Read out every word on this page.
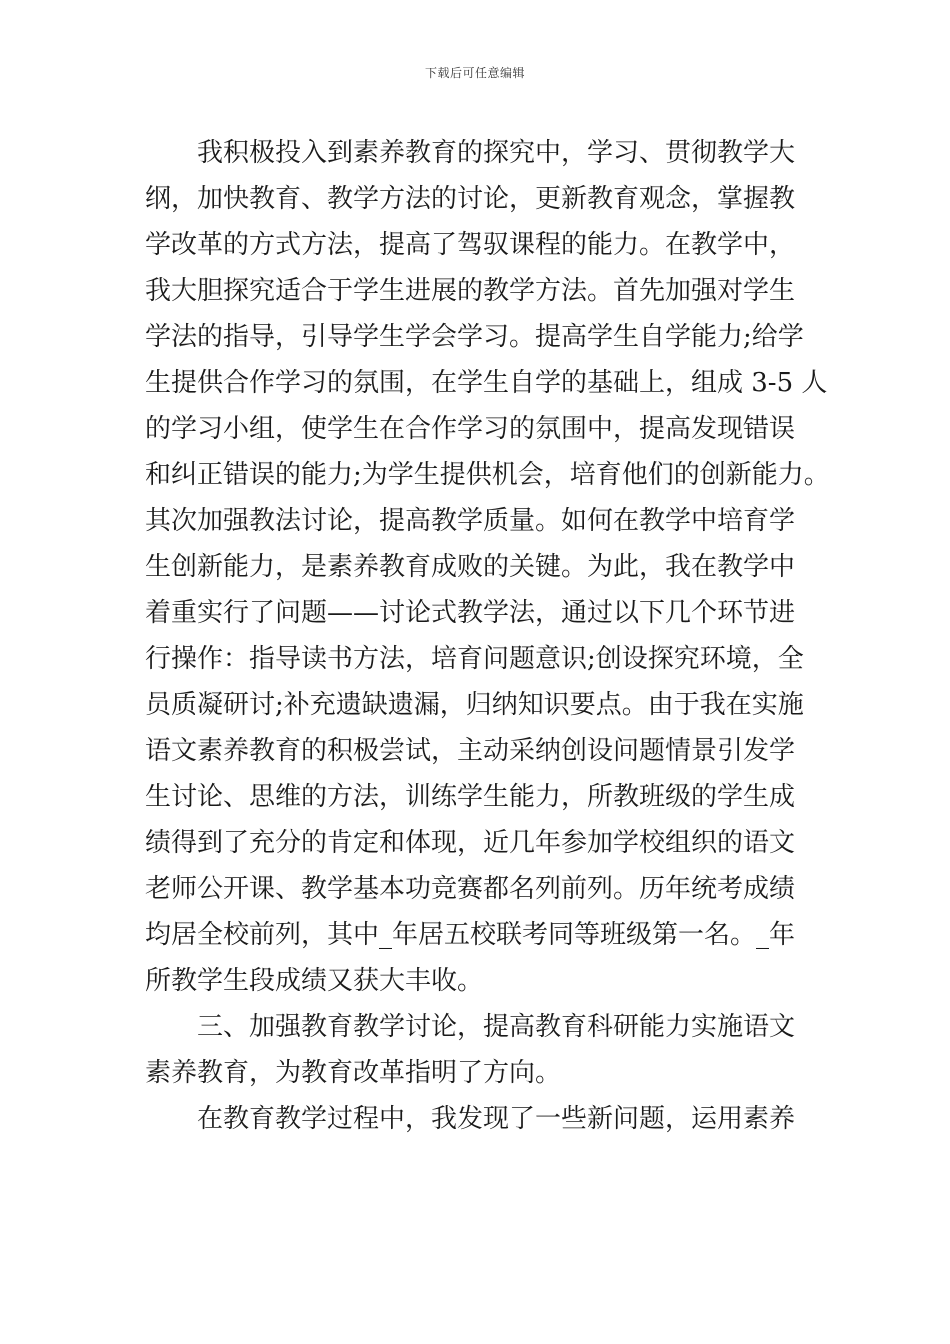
下载后可任意编辑
我积极投入到素养教育的探究中，学习、贯彻教学大
纲，加快教育、教学方法的讨论，更新教育观念，掌握教
学改革的方式方法，提高了驾驭课程的能力。在教学中，
我大胆探究适合于学生进展的教学方法。首先加强对学生
学法的指导，引导学生学会学习。提高学生自学能力;给学
生提供合作学习的氛围，在学生自学的基础上，组成 3-5 人
的学习小组，使学生在合作学习的氛围中，提高发现错误
和纠正错误的能力;为学生提供机会，培育他们的创新能力。
其次加强教法讨论，提高教学质量。如何在教学中培育学
生创新能力，是素养教育成败的关键。为此，我在教学中
着重实行了问题——讨论式教学法，通过以下几个环节进
行操作：指导读书方法，培育问题意识;创设探究环境，全
员质凝研讨;补充遗缺遗漏，归纳知识要点。由于我在实施
语文素养教育的积极尝试，主动采纳创设问题情景引发学
生讨论、思维的方法，训练学生能力，所教班级的学生成
绩得到了充分的肯定和体现，近几年参加学校组织的语文
老师公开课、教学基本功竞赛都名列前列。历年统考成绩
均居全校前列，其中_年居五校联考同等班级第一名。_年
所教学生段成绩又获大丰收。
三、加强教育教学讨论，提高教育科研能力实施语文
素养教育，为教育改革指明了方向。
在教育教学过程中，我发现了一些新问题，运用素养
